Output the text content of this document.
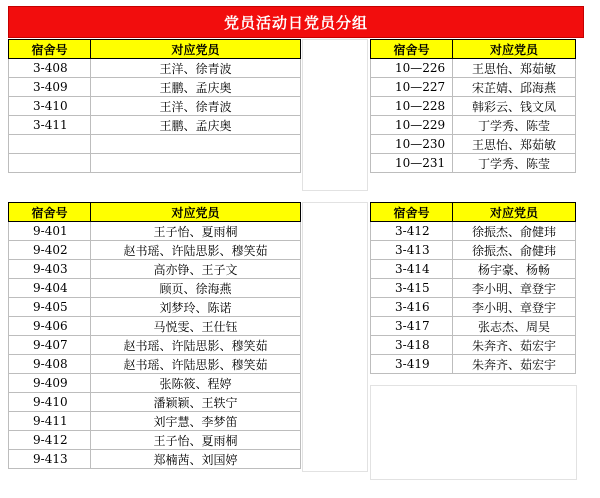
党员活动日党员分组
宿舍号	对应党员
3-408	王洋、徐青波
3-409	王鹏、孟庆奥
3-410	王洋、徐青波
3-411	王鹏、孟庆奥

宿舍号	对应党员
10—226	王思怡、郑茹敏
10—227	宋芷婧、邱海燕
10—228	韩彩云、钱文凤
10—229	丁学秀、陈莹
10—230	王思怡、郑茹敏
10—231	丁学秀、陈莹
宿舍号	对应党员
9-401	王子怡、夏雨桐
9-402	赵书瑶、许陆思影、穆笑茹
9-403	高亦铮、王子文
9-404	顾页、徐海燕
9-405	刘梦玲、陈诺
9-406	马悦雯、王仕钰
9-407	赵书瑶、许陆思影、穆笑茹
9-408	赵书瑶、许陆思影、穆笑茹
9-409	张陈筱、程婷
9-410	潘颖颖、王轶宁
9-411	刘宇慧、李梦笛
9-412	王子怡、夏雨桐
9-413	郑楠茜、刘国婷
宿舍号	对应党员
3-412	徐振杰、俞健玮
3-413	徐振杰、俞健玮
3-414	杨宇豪、杨畅
3-415	李小明、章登宇
3-416	李小明、章登宇
3-417	张志杰、周昊
3-418	朱奔齐、茹宏宇
3-419	朱奔齐、茹宏宇
